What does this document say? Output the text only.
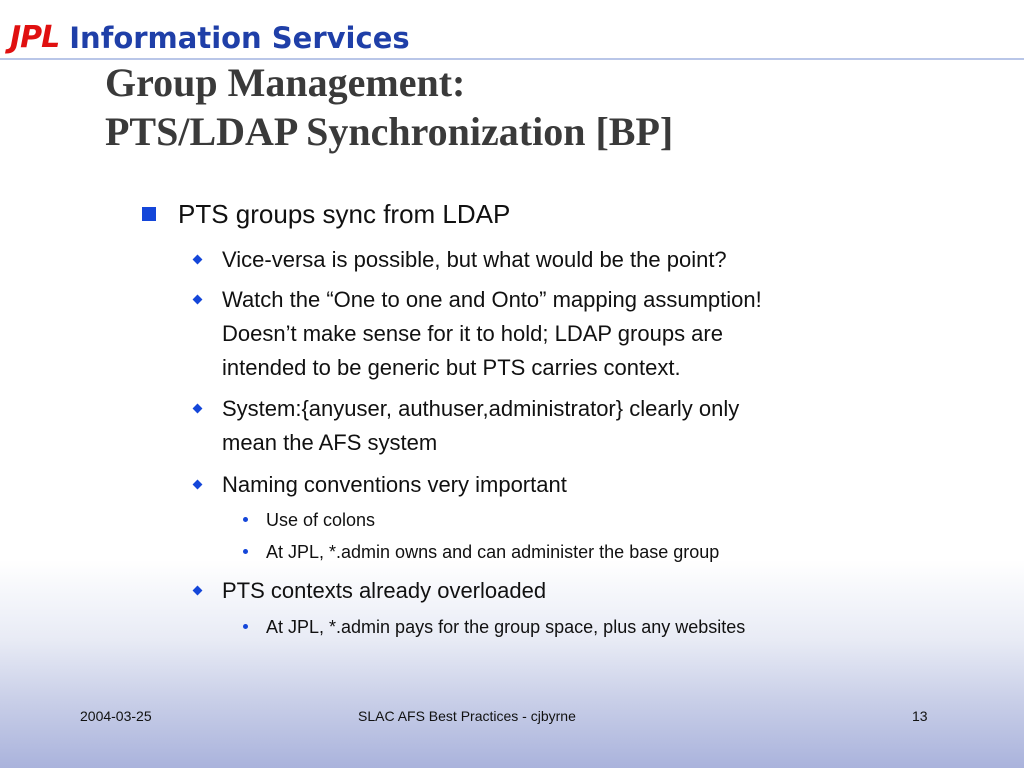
JPL Information Services
Group Management:
PTS/LDAP Synchronization [BP]
PTS groups sync from LDAP
Vice-versa is possible, but what would be the point?
Watch the “One to one and Onto” mapping assumption!
Doesn’t make sense for it to hold; LDAP groups are
intended to be generic but PTS carries context.
System:{anyuser, authuser,administrator} clearly only
mean the AFS system
Naming conventions very important
Use of colons
At JPL, *.admin owns and can administer the base group
PTS contexts already overloaded
At JPL, *.admin pays for the group space, plus any websites
2004-03-25	SLAC AFS Best Practices - cjbyrne	13
